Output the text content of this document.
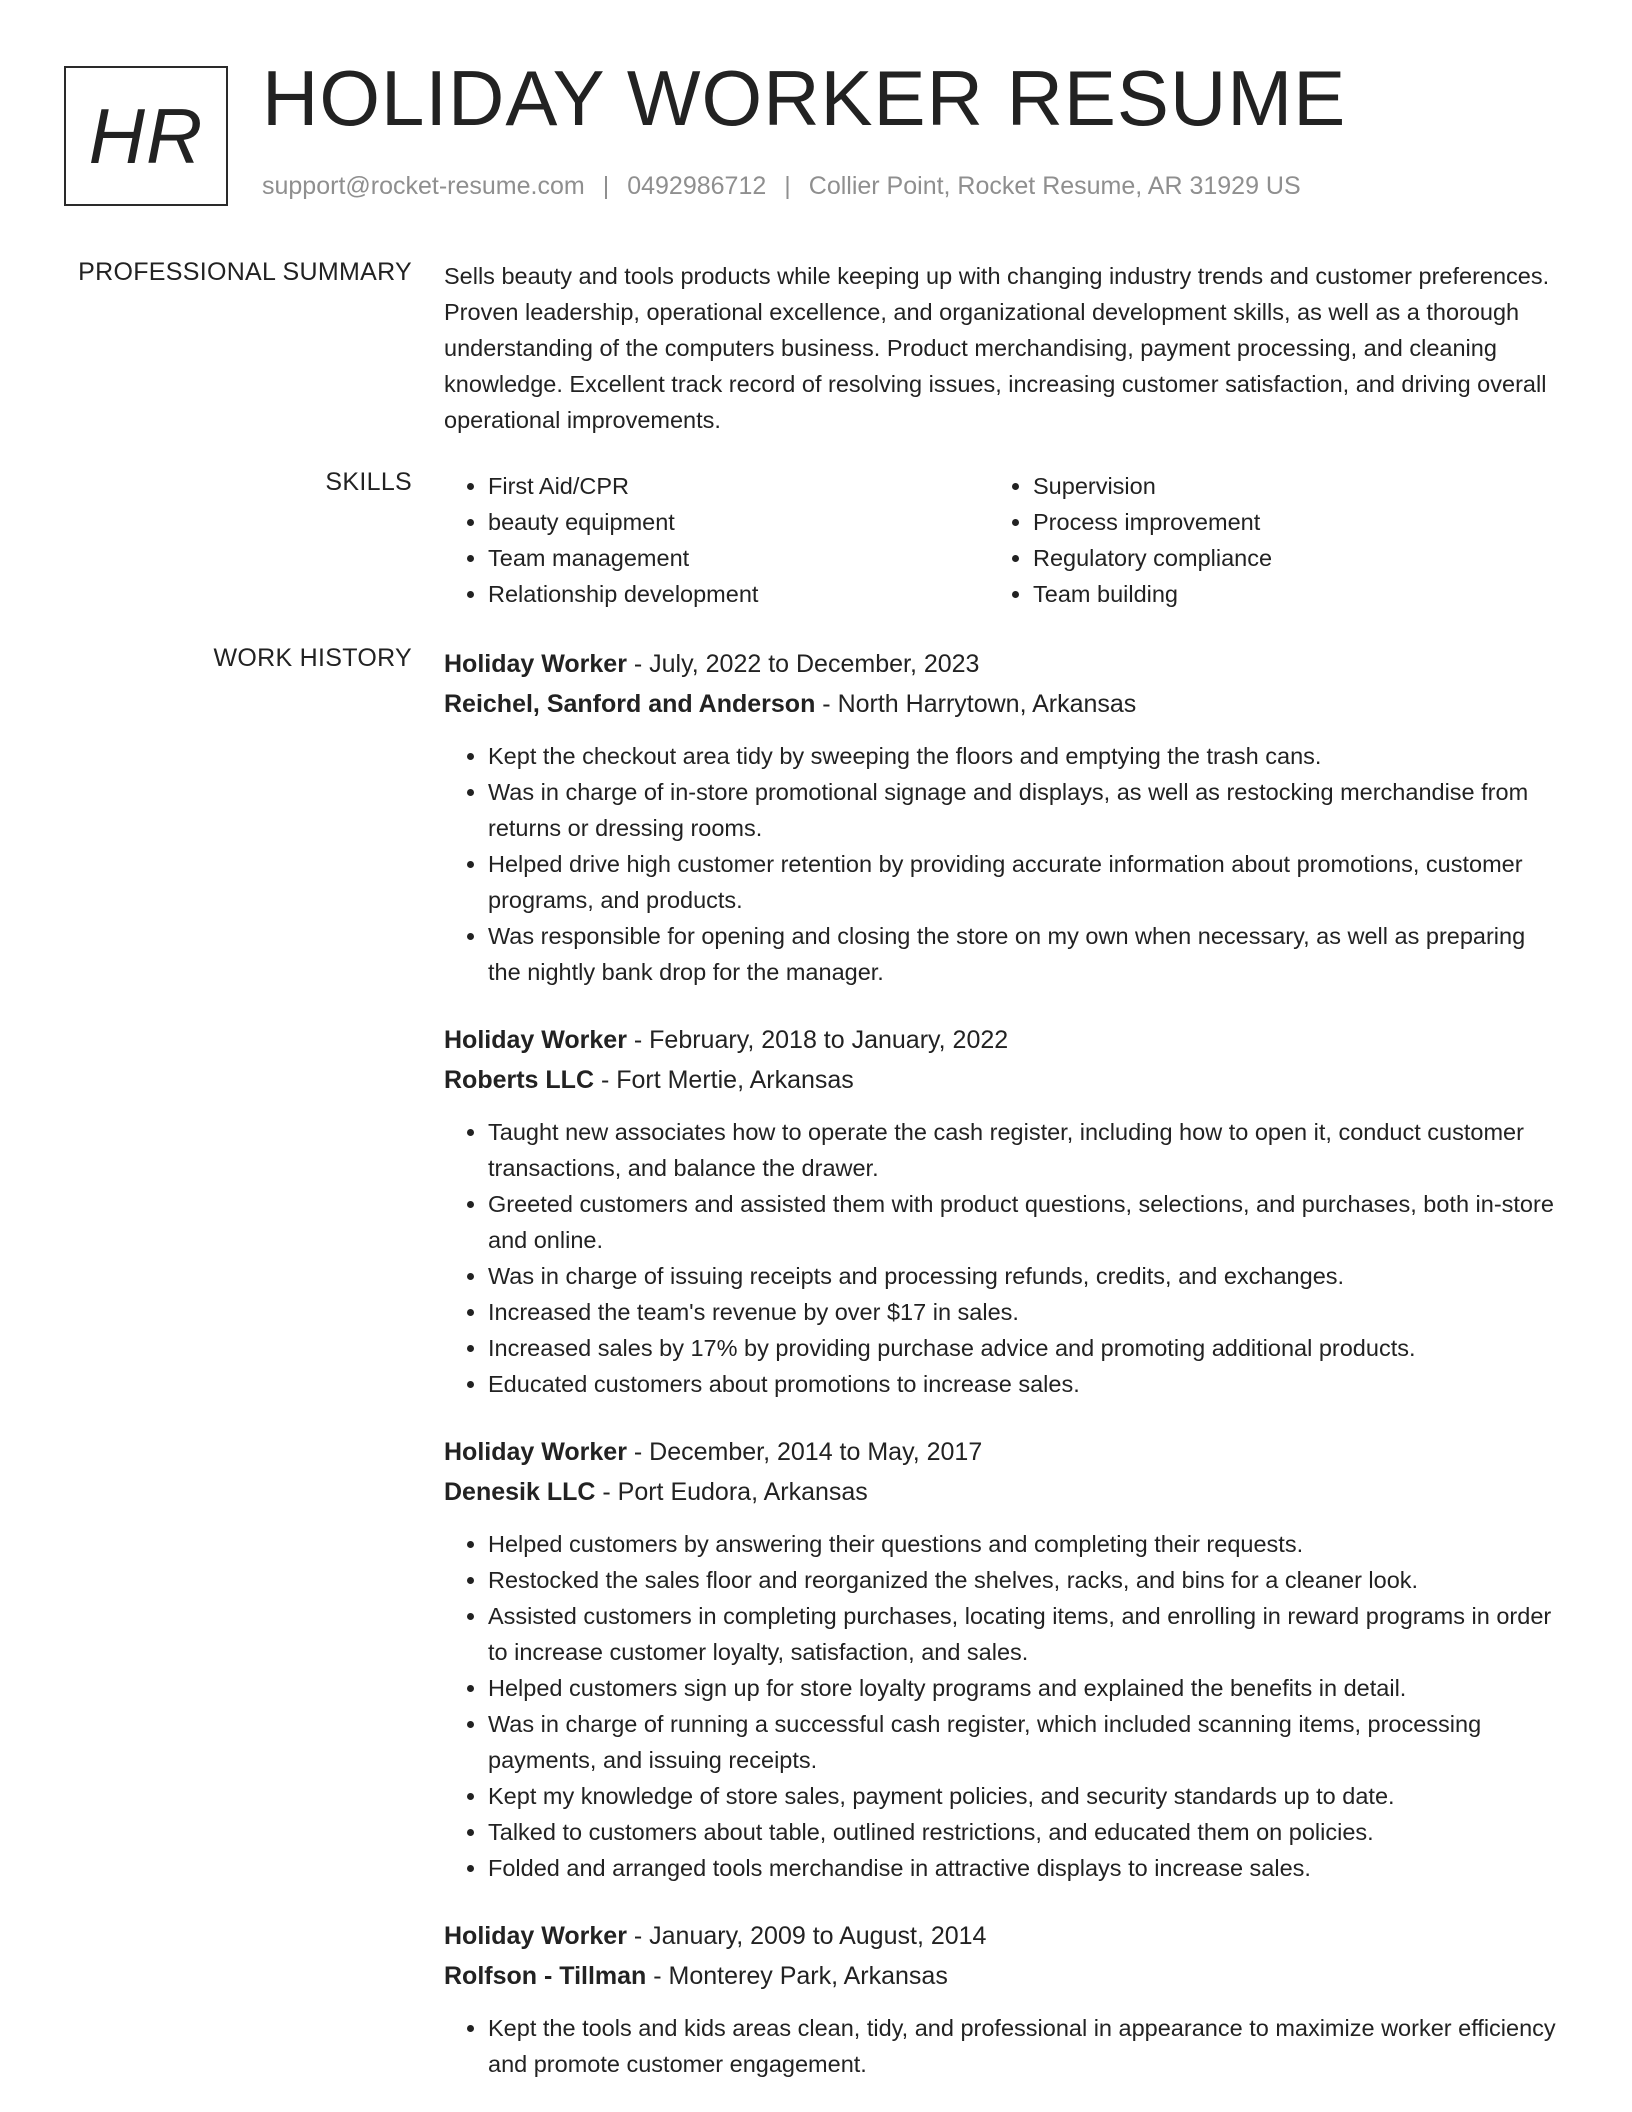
HR HOLIDAY WORKER RESUME
support@rocket-resume.com | 0492986712 | Collier Point, Rocket Resume, AR 31929 US
PROFESSIONAL SUMMARY Sells beauty and tools products while keeping up with changing industry trends and customer preferences. Proven leadership, operational excellence, and organizational development skills, as well as a thorough understanding of the computers business. Product merchandising, payment processing, and cleaning knowledge. Excellent track record of resolving issues, increasing customer satisfaction, and driving overall operational improvements.

SKILLS
•	First Aid/CPR
• beauty equipment
• Team management
• Relationship development
• Supervision
• Process improvement
• Regulatory compliance
• Team building
WORK HISTORY Holiday Worker - July, 2022 to December, 2023
Reichel, Sanford and Anderson - North Harrytown, Arkansas
• Kept the checkout area tidy by sweeping the floors and emptying the trash cans.
• Was in charge of in-store promotional signage and displays, as well as restocking merchandise from returns or dressing rooms.
• Helped drive high customer retention by providing accurate information about promotions, customer programs, and products.
• Was responsible for opening and closing the store on my own when necessary, as well as preparing the nightly bank drop for the manager.
Holiday Worker - February, 2018 to January, 2022
Roberts LLC - Fort Mertie, Arkansas
• Taught new associates how to operate the cash register, including how to open it, conduct customer transactions, and balance the drawer.
• Greeted customers and assisted them with product questions, selections, and purchases, both in-store and online.
• Was in charge of issuing receipts and processing refunds, credits, and exchanges.
• Increased the team's revenue by over $17 in sales.
• Increased sales by 17% by providing purchase advice and promoting additional products.
• Educated customers about promotions to increase sales.
Holiday Worker - December, 2014 to May, 2017
Denesik LLC - Port Eudora, Arkansas
• Helped customers by answering their questions and completing their requests.
• Restocked the sales floor and reorganized the shelves, racks, and bins for a cleaner look.
• Assisted customers in completing purchases, locating items, and enrolling in reward programs in order to increase customer loyalty, satisfaction, and sales.
• Helped customers sign up for store loyalty programs and explained the benefits in detail.
• Was in charge of running a successful cash register, which included scanning items, processing payments, and issuing receipts.
• Kept my knowledge of store sales, payment policies, and security standards up to date.
• Talked to customers about table, outlined restrictions, and educated them on policies.
• Folded and arranged tools merchandise in attractive displays to increase sales.
Holiday Worker - January, 2009 to August, 2014
Rolfson - Tillman - Monterey Park, Arkansas
• Kept the tools and kids areas clean, tidy, and professional in appearance to maximize worker efficiency and promote customer engagement.
